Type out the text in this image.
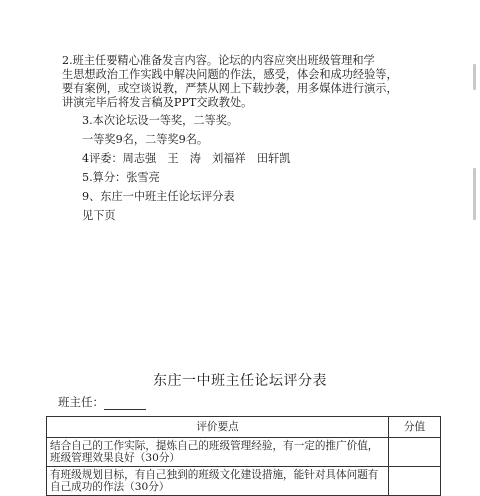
2.班主任要精心准备发言内容。论坛的内容应突出班级管理和学

生思想政治工作实践中解决问题的作法，感受，体会和成功经验等，

要有案例，或空谈说教，严禁从网上下载抄袭，用多媒体进行演示，

讲演完毕后将发言稿及PPT交政教处。

3.本次论坛设一等奖，二等奖。

一等奖9名，二等奖9名。

4评委：周志强　王　涛　刘福祥　田轩凯

5.算分：张雪亮

9、东庄一中班主任论坛评分表

见下页

东庄一中班主任论坛评分表
班主任：
评价要点	分值
结合自己的工作实际，提炼自己的班级管理经验，有一定的推广价值，班级管理效果良好（30分）	
有班级规划目标，有自己独到的班级文化建设措施，能针对具体问题有自己成功的作法（30分）	
